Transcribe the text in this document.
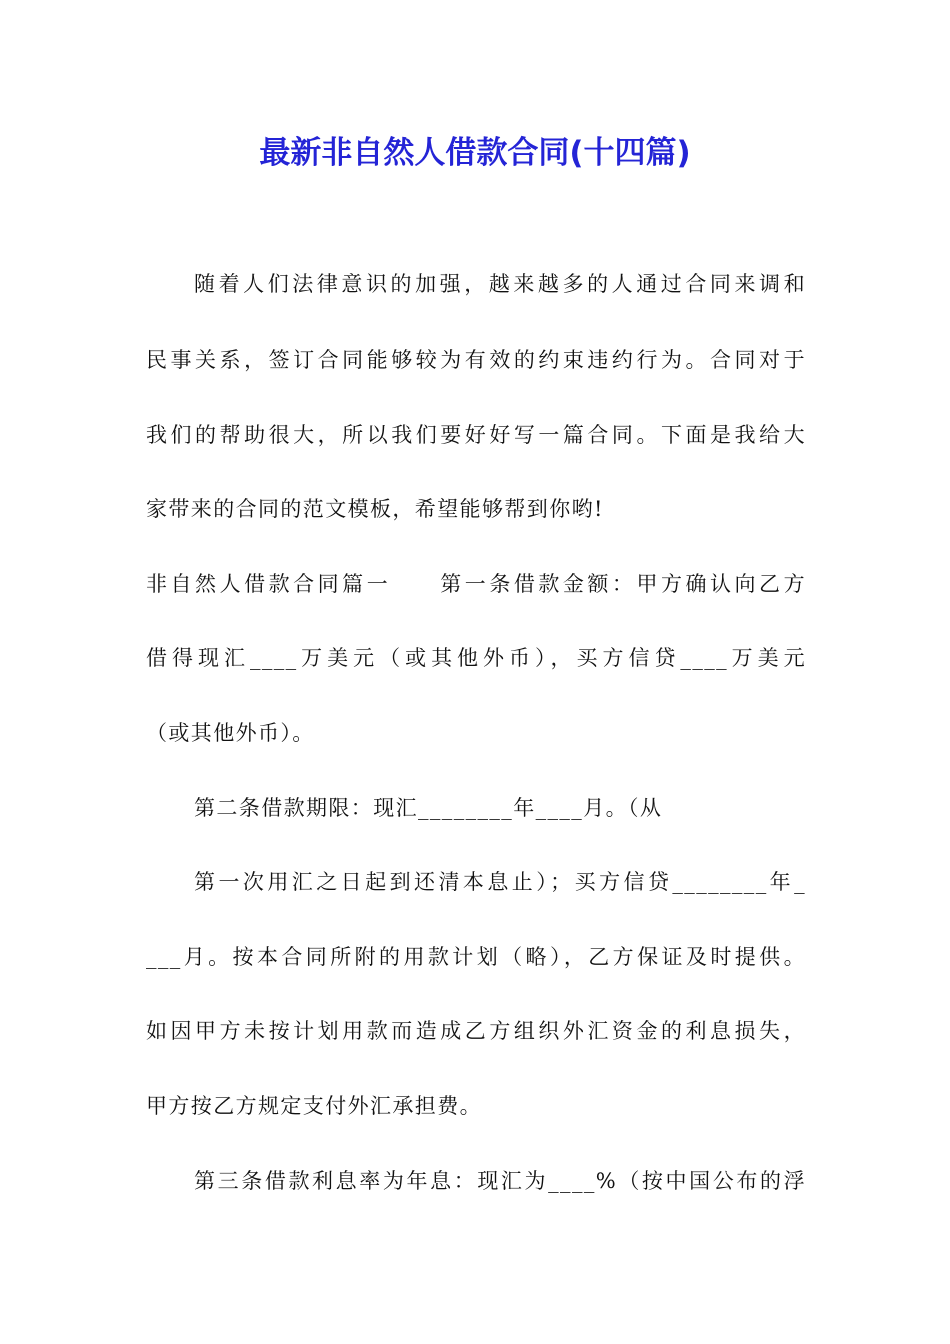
最新非自然人借款合同(十四篇)
随着人们法律意识的加强，越来越多的人通过合同来调和
民事关系，签订合同能够较为有效的约束违约行为。合同对于
我们的帮助很大，所以我们要好好写一篇合同。下面是我给大
家带来的合同的范文模板，希望能够帮到你哟!
非自然人借款合同篇一　　第一条借款金额：甲方确认向乙方
借得现汇____万美元（或其他外币），买方信贷____万美元
（或其他外币）。
第二条借款期限：现汇________年____月。（从
第一次用汇之日起到还清本息止）；买方信贷________年_
___月。按本合同所附的用款计划（略），乙方保证及时提供。
如因甲方未按计划用款而造成乙方组织外汇资金的利息损失，
甲方按乙方规定支付外汇承担费。
第三条借款利息率为年息：现汇为____%（按中国公布的浮
